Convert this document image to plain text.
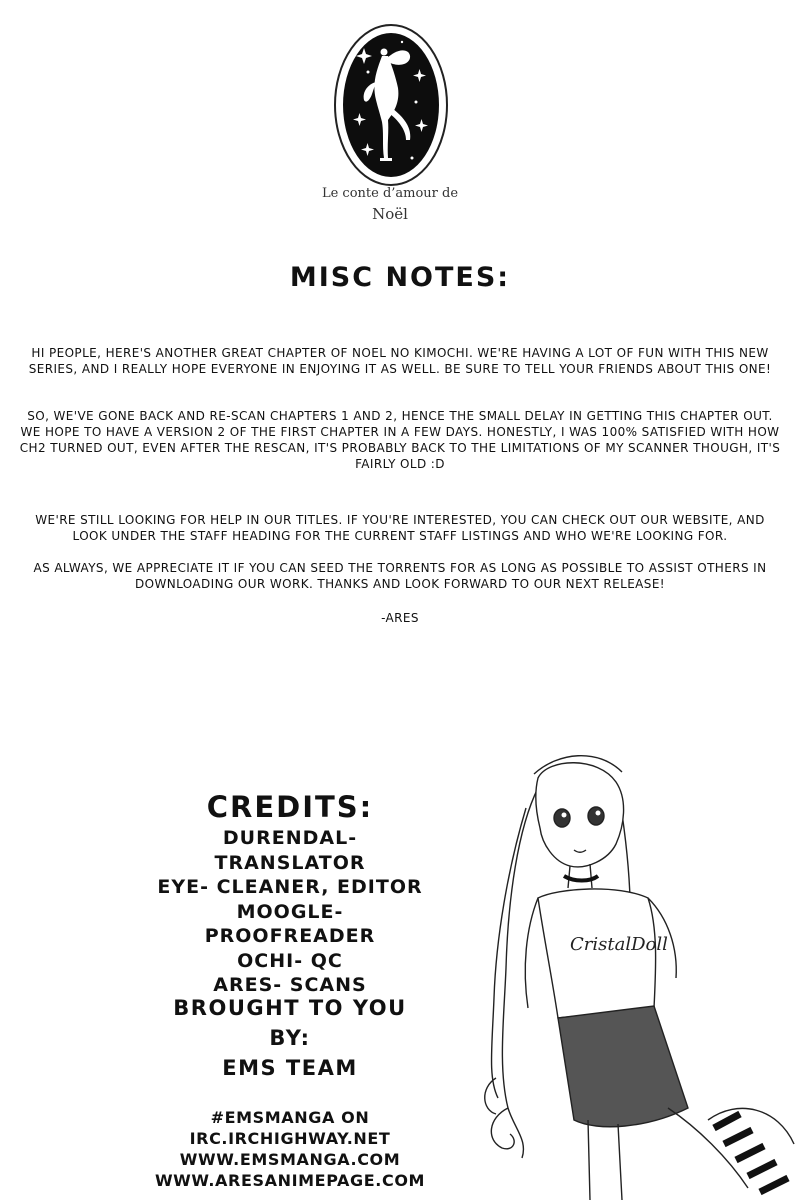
Le conte d’amour de
Noël
MISC NOTES:
HI PEOPLE, HERE'S ANOTHER GREAT CHAPTER OF NOEL NO KIMOCHI. WE'RE HAVING A LOT OF FUN WITH THIS NEW SERIES, AND I REALLY HOPE EVERYONE IN ENJOYING IT AS WELL. BE SURE TO TELL YOUR FRIENDS ABOUT THIS ONE!
SO, WE'VE GONE BACK AND RE-SCAN CHAPTERS 1 AND 2, HENCE THE SMALL DELAY IN GETTING THIS CHAPTER OUT. WE HOPE TO HAVE A VERSION 2 OF THE FIRST CHAPTER IN A FEW DAYS. HONESTLY, I WAS 100% SATISFIED WITH HOW CH2 TURNED OUT, EVEN AFTER THE RESCAN, IT'S PROBABLY BACK TO THE LIMITATIONS OF MY SCANNER THOUGH, IT'S FAIRLY OLD :D
WE'RE STILL LOOKING FOR HELP IN OUR TITLES. IF YOU'RE INTERESTED, YOU CAN CHECK OUT OUR WEBSITE, AND LOOK UNDER THE STAFF HEADING FOR THE CURRENT STAFF LISTINGS AND WHO WE'RE LOOKING FOR.
AS ALWAYS, WE APPRECIATE IT IF YOU CAN SEED THE TORRENTS FOR AS LONG AS POSSIBLE TO ASSIST OTHERS IN DOWNLOADING OUR WORK. THANKS AND LOOK FORWARD TO OUR NEXT RELEASE!
-ARES
CristalDoll
CREDITS:
DURENDAL- TRANSLATOR
EYE- CLEANER, EDITOR
MOOGLE- PROOFREADER
OCHI- QC
ARES- SCANS
BROUGHT TO YOU
BY:
EMS TEAM
#EMSMANGA ON
IRC.IRCHIGHWAY.NET
WWW.EMSMANGA.COM
WWW.ARESANIMEPAGE.COM
